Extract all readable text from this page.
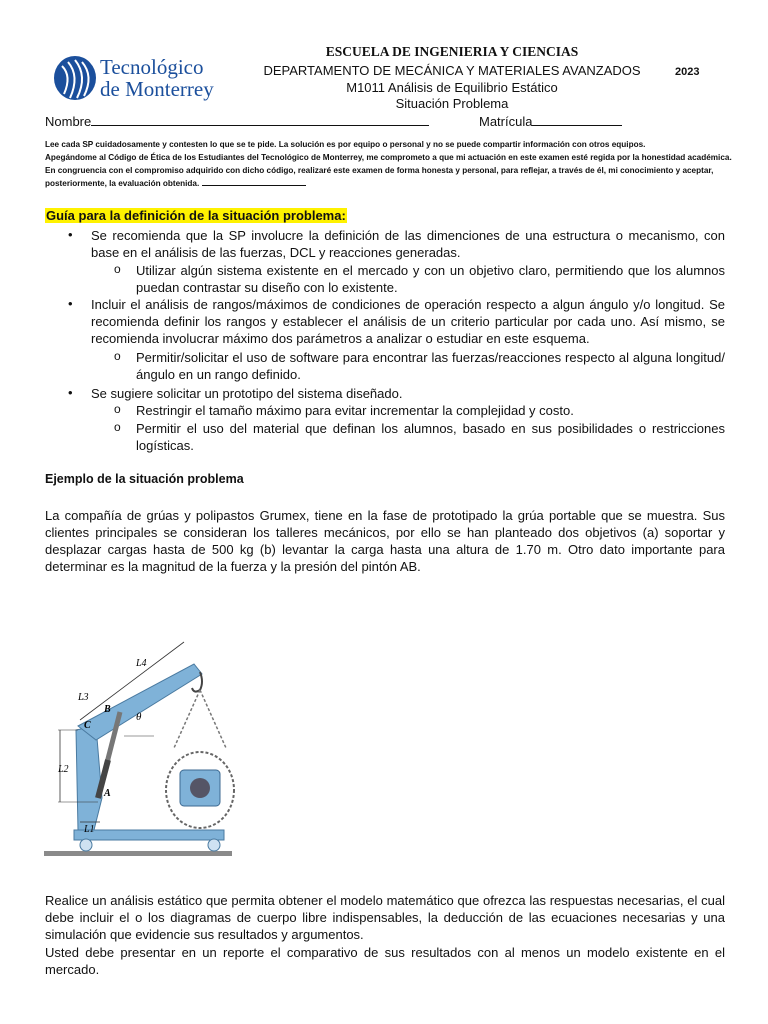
Tecnológico
de Monterrey
ESCUELA DE INGENIERIA Y CIENCIAS
DEPARTAMENTO DE MECÁNICA Y MATERIALES AVANZADOS
M1011 Análisis de Equilibrio Estático
Situación Problema
2023
Nombre	Matrícula
Lee cada SP cuidadosamente y contesten lo que se te pide. La solución es por equipo o personal y no se puede compartir información con otros equipos.
Apegándome al Código de Ética de los Estudiantes del Tecnológico de Monterrey, me comprometo a que mi actuación en este examen esté regida por la honestidad académica.
En congruencia con el compromiso adquirido con dicho código, realizaré este examen de forma honesta y personal, para reflejar, a través de él, mi conocimiento y aceptar,
posteriormente, la evaluación obtenida.
Guía para la definición de la situación problema:
• Se recomienda que la SP involucre la definición de las dimenciones de una estructura o mecanismo, con base en el análisis de las fuerzas, DCL y reacciones generadas.
o Utilizar algún sistema existente en el mercado y con un objetivo claro, permitiendo que los alumnos puedan contrastar su diseño con lo existente.
• Incluir el análisis de rangos/máximos de condiciones de operación respecto a algun ángulo y/o longitud. Se recomienda definir los rangos y establecer el análisis de un criterio particular por cada uno. Así mismo, se recomienda involucrar máximo dos parámetros a analizar o estudiar en este esquema.
o Permitir/solicitar el uso de software para encontrar las fuerzas/reacciones respecto al alguna longitud/ángulo en un rango definido.
• Se sugiere solicitar un prototipo del sistema diseñado.
o Restringir el tamaño máximo para evitar incrementar la complejidad y costo.
o Permitir el uso del material que definan los alumnos, basado en sus posibilidades o restricciones logísticas.
Ejemplo de la situación problema
La compañía de grúas y polipastos Grumex, tiene en la fase de prototipado la grúa portable que se muestra. Sus clientes principales se consideran los talleres mecánicos, por ello se han planteado dos objetivos (a) soportar y desplazar cargas hasta de 500 kg (b) levantar la carga hasta una altura de 1.70 m. Otro dato importante para determinar es la magnitud de la fuerza y la presión del pintón AB.
L4
L3
L2
L1
B
C
A
θ
Realice un análisis estático que permita obtener el modelo matemático que ofrezca las respuestas necesarias, el cual debe incluir el o los diagramas de cuerpo libre indispensables, la deducción de las ecuaciones necesarias y una simulación que evidencie sus resultados y argumentos.
Usted debe presentar en un reporte el comparativo de sus resultados con al menos un modelo existente en el mercado.
